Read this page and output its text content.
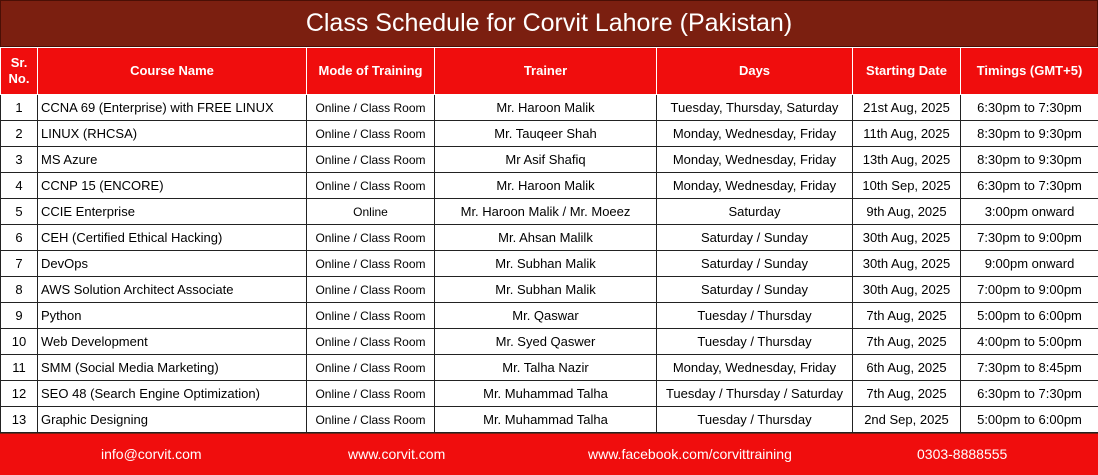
Class Schedule for Corvit Lahore (Pakistan)
Sr.
No.	Course Name	Mode of Training	Trainer	Days	Starting Date	Timings (GMT+5)
1	CCNA 69 (Enterprise) with FREE LINUX	Online / Class Room	Mr. Haroon Malik	Tuesday, Thursday, Saturday	21st Aug, 2025	6:30pm to 7:30pm
2	LINUX (RHCSA)	Online / Class Room	Mr. Tauqeer Shah	Monday, Wednesday, Friday	11th Aug, 2025	8:30pm to 9:30pm
3	MS Azure	Online / Class Room	Mr Asif Shafiq	Monday, Wednesday, Friday	13th Aug, 2025	8:30pm to 9:30pm
4	CCNP 15 (ENCORE)	Online / Class Room	Mr. Haroon Malik	Monday, Wednesday, Friday	10th Sep, 2025	6:30pm to 7:30pm
5	CCIE Enterprise	Online	Mr. Haroon Malik / Mr. Moeez	Saturday	9th Aug, 2025	3:00pm onward
6	CEH (Certified Ethical Hacking)	Online / Class Room	Mr. Ahsan Malilk	Saturday / Sunday	30th Aug, 2025	7:30pm to 9:00pm
7	DevOps	Online / Class Room	Mr. Subhan Malik	Saturday / Sunday	30th Aug, 2025	9:00pm onward
8	AWS Solution Architect Associate	Online / Class Room	Mr. Subhan Malik	Saturday / Sunday	30th Aug, 2025	7:00pm to 9:00pm
9	Python	Online / Class Room	Mr. Qaswar	Tuesday / Thursday	7th Aug, 2025	5:00pm to 6:00pm
10	Web Development	Online / Class Room	Mr. Syed Qaswer	Tuesday / Thursday	7th Aug, 2025	4:00pm to 5:00pm
11	SMM (Social Media Marketing)	Online / Class Room	Mr. Talha Nazir	Monday, Wednesday, Friday	6th Aug, 2025	7:30pm to 8:45pm
12	SEO 48 (Search Engine Optimization)	Online / Class Room	Mr. Muhammad Talha	Tuesday / Thursday / Saturday	7th Aug, 2025	6:30pm to 7:30pm
13	Graphic Designing	Online / Class Room	Mr. Muhammad Talha	Tuesday / Thursday	2nd Sep, 2025	5:00pm to 6:00pm
info@corvit.com	www.corvit.com	www.facebook.com/corvittraining	0303-8888555
